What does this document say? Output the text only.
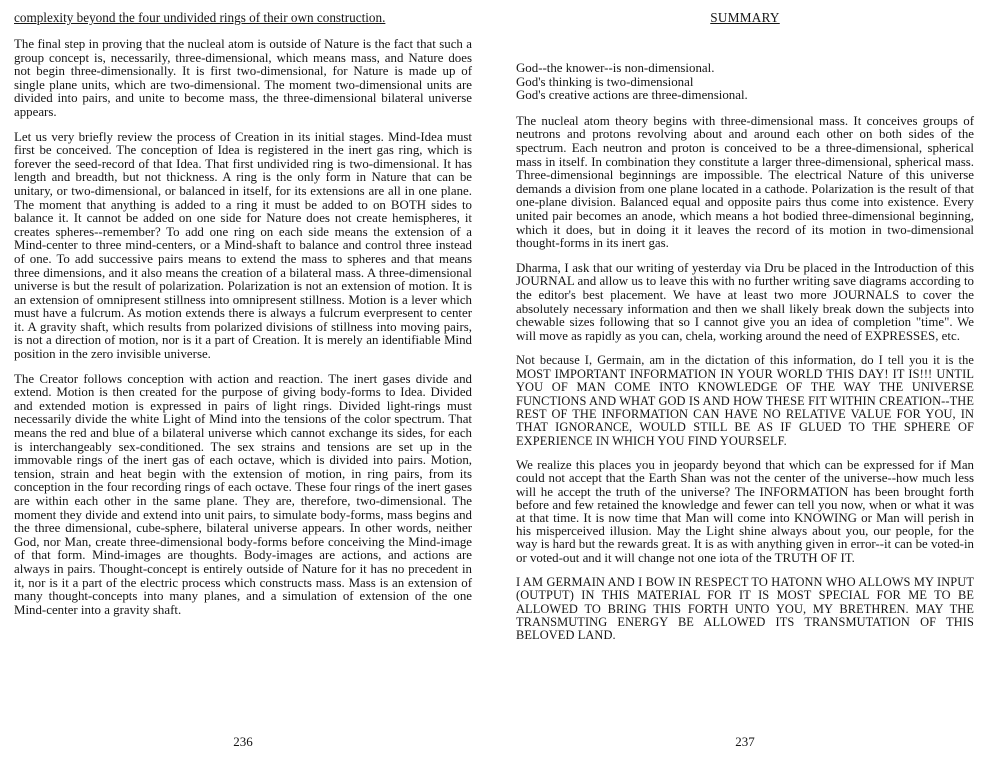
complexity beyond the four undivided rings of their own construction.

The final step in proving that the nucleal atom is outside of Nature is the fact that such a group concept is, necessarily, three-dimensional, which means mass, and Nature does not begin three-dimensionally. It is first two-dimensional, for Nature is made up of single plane units, which are two-dimensional. The moment two-dimensional units are divided into pairs, and unite to become mass, the three-dimensional bilateral universe appears.

Let us very briefly review the process of Creation in its initial stages. Mind-Idea must first be conceived. The conception of Idea is registered in the inert gas ring, which is forever the seed-record of that Idea. That first undivided ring is two-dimensional. It has length and breadth, but not thickness. A ring is the only form in Nature that can be unitary, or two-dimensional, or balanced in itself, for its extensions are all in one plane. The moment that anything is added to a ring it must be added to on BOTH sides to balance it. It cannot be added on one side for Nature does not create hemispheres, it creates spheres--remember? To add one ring on each side means the extension of a Mind-center to three mind-centers, or a Mind-shaft to balance and control three instead of one. To add successive pairs means to extend the mass to spheres and that means three dimensions, and it also means the creation of a bilateral mass. A three-dimensional universe is but the result of polarization. Polarization is not an extension of motion. It is an extension of omnipresent stillness into omnipresent stillness. Motion is a lever which must have a fulcrum. As motion extends there is always a fulcrum everpresent to center it. A gravity shaft, which results from polarized divisions of stillness into moving pairs, is not a direction of motion, nor is it a part of Creation. It is merely an identifiable Mind position in the zero invisible universe.

The Creator follows conception with action and reaction. The inert gases divide and extend. Motion is then created for the purpose of giving body-forms to Idea. Divided and extended motion is expressed in pairs of light rings. Divided light-rings must necessarily divide the white Light of Mind into the tensions of the color spectrum. That means the red and blue of a bilateral universe which cannot exchange its sides, for each is interchangeably sex-conditioned. The sex strains and tensions are set up in the immovable rings of the inert gas of each octave, which is divided into pairs. Motion, tension, strain and heat begin with the extension of motion, in ring pairs, from its conception in the four recording rings of each octave. These four rings of the inert gases are within each other in the same plane. They are, therefore, two-dimensional. The moment they divide and extend into unit pairs, to simulate body-forms, mass begins and the three dimensional, cube-sphere, bilateral universe appears. In other words, neither God, nor Man, create three-dimensional body-forms before conceiving the Mind-image of that form. Mind-images are thoughts. Body-images are actions, and actions are always in pairs. Thought-concept is entirely outside of Nature for it has no precedent in it, nor is it a part of the electric process which constructs mass. Mass is an extension of many thought-concepts into many planes, and a simulation of extension of the one Mind-center into a gravity shaft.

236
SUMMARY

God--the knower--is non-dimensional.

God's thinking is two-dimensional

God's creative actions are three-dimensional.

The nucleal atom theory begins with three-dimensional mass. It conceives groups of neutrons and protons revolving about and around each other on both sides of the spectrum. Each neutron and proton is conceived to be a three-dimensional, spherical mass in itself. In combination they constitute a larger three-dimensional, spherical mass. Three-dimensional beginnings are impossible. The electrical Nature of this universe demands a division from one plane located in a cathode. Polarization is the result of that one-plane division. Balanced equal and opposite pairs thus come into existence. Every united pair becomes an anode, which means a hot bodied three-dimensional beginning, which it does, but in doing it it leaves the record of its motion in two-dimensional thought-forms in its inert gas.

Dharma, I ask that our writing of yesterday via Dru be placed in the Introduction of this JOURNAL and allow us to leave this with no further writing save diagrams according to the editor's best placement. We have at least two more JOURNALS to cover the absolutely necessary information and then we shall likely break down the subjects into chewable sizes following that so I cannot give you an idea of completion "time". We will move as rapidly as you can, chela, working around the need of EXPRESSES, etc.

Not because I, Germain, am in the dictation of this information, do I tell you it is the MOST IMPORTANT INFORMATION IN YOUR WORLD THIS DAY! IT IS!!! UNTIL YOU OF MAN COME INTO KNOWLEDGE OF THE WAY THE UNIVERSE FUNCTIONS AND WHAT GOD IS AND HOW THESE FIT WITHIN CREATION--THE REST OF THE INFORMATION CAN HAVE NO RELATIVE VALUE FOR YOU, IN THAT IGNORANCE, WOULD STILL BE AS IF GLUED TO THE SPHERE OF EXPERIENCE IN WHICH YOU FIND YOURSELF.

We realize this places you in jeopardy beyond that which can be expressed for if Man could not accept that the Earth Shan was not the center of the universe--how much less will he accept the truth of the universe? The INFORMATION has been brought forth before and few retained the knowledge and fewer can tell you now, when or what it was at that time. It is now time that Man will come into KNOWING or Man will perish in his misperceived illusion. May the Light shine always about you, our people, for the way is hard but the rewards great. It is as with anything given in error--it can be voted-in or voted-out and it will change not one iota of the TRUTH OF IT.

I AM GERMAIN AND I BOW IN RESPECT TO HATONN WHO ALLOWS MY INPUT (OUTPUT) IN THIS MATERIAL FOR IT IS MOST SPECIAL FOR ME TO BE ALLOWED TO BRING THIS FORTH UNTO YOU, MY BRETHREN. MAY THE TRANSMUTING ENERGY BE ALLOWED ITS TRANSMUTATION OF THIS BELOVED LAND.

237
